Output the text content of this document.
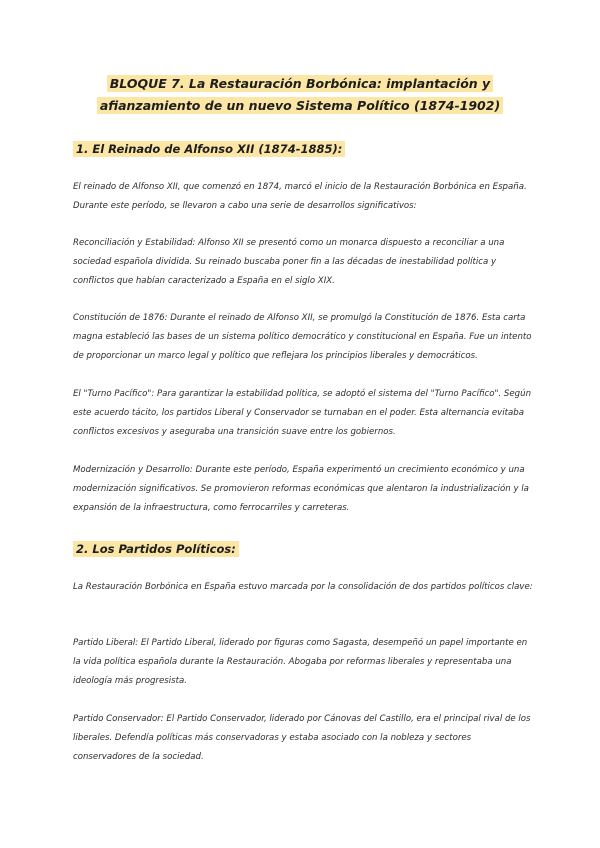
BLOQUE 7. La Restauración Borbónica: implantación y afianzamiento de un nuevo Sistema Político (1874-1902)
1. El Reinado de Alfonso XII (1874-1885):

El reinado de Alfonso XII, que comenzó en 1874, marcó el inicio de la Restauración Borbónica en España. Durante este período, se llevaron a cabo una serie de desarrollos significativos:

Reconciliación y Estabilidad: Alfonso XII se presentó como un monarca dispuesto a reconciliar a una sociedad española dividida. Su reinado buscaba poner fin a las décadas de inestabilidad política y conflictos que habían caracterizado a España en el siglo XIX.

Constitución de 1876: Durante el reinado de Alfonso XII, se promulgó la Constitución de 1876. Esta carta magna estableció las bases de un sistema político democrático y constitucional en España. Fue un intento de proporcionar un marco legal y político que reflejara los principios liberales y democráticos.

El "Turno Pacífico": Para garantizar la estabilidad política, se adoptó el sistema del "Turno Pacífico". Según este acuerdo tácito, los partidos Liberal y Conservador se turnaban en el poder. Esta alternancia evitaba conflictos excesivos y aseguraba una transición suave entre los gobiernos.

Modernización y Desarrollo: Durante este período, España experimentó un crecimiento económico y una modernización significativos. Se promovieron reformas económicas que alentaron la industrialización y la expansión de la infraestructura, como ferrocarriles y carreteras.

2. Los Partidos Políticos:

La Restauración Borbónica en España estuvo marcada por la consolidación de dos partidos políticos clave:

Partido Liberal: El Partido Liberal, liderado por figuras como Sagasta, desempeñó un papel importante en la vida política española durante la Restauración. Abogaba por reformas liberales y representaba una ideología más progresista.

Partido Conservador: El Partido Conservador, liderado por Cánovas del Castillo, era el principal rival de los liberales. Defendía políticas más conservadoras y estaba asociado con la nobleza y sectores conservadores de la sociedad.
